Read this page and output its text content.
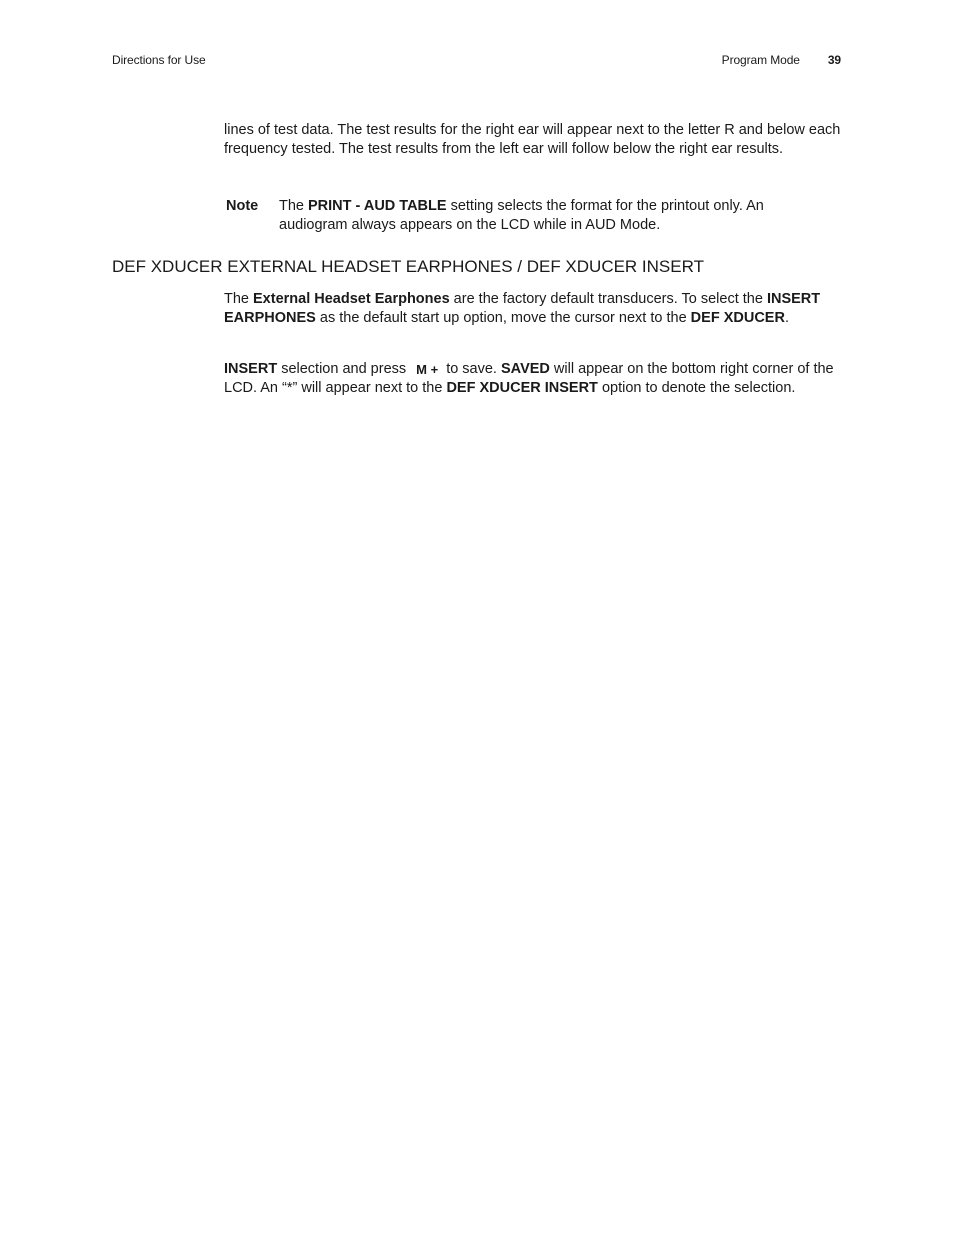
Directions for Use	Program Mode 39

lines of test data. The test results for the right ear will appear next to the letter R and below each frequency tested. The test results from the left ear will follow below the right ear results.

Note	The PRINT - AUD TABLE setting selects the format for the printout only. An audiogram always appears on the LCD while in AUD Mode.
DEF XDUCER EXTERNAL HEADSET EARPHONES / DEF XDUCER INSERT

The External Headset Earphones are the factory default transducers. To select the INSERT EARPHONES as the default start up option, move the cursor next to the DEF XDUCER.

INSERT selection and press M + to save. SAVED will appear on the bottom right corner of the LCD. An “*” will appear next to the DEF XDUCER INSERT option to denote the selection.
